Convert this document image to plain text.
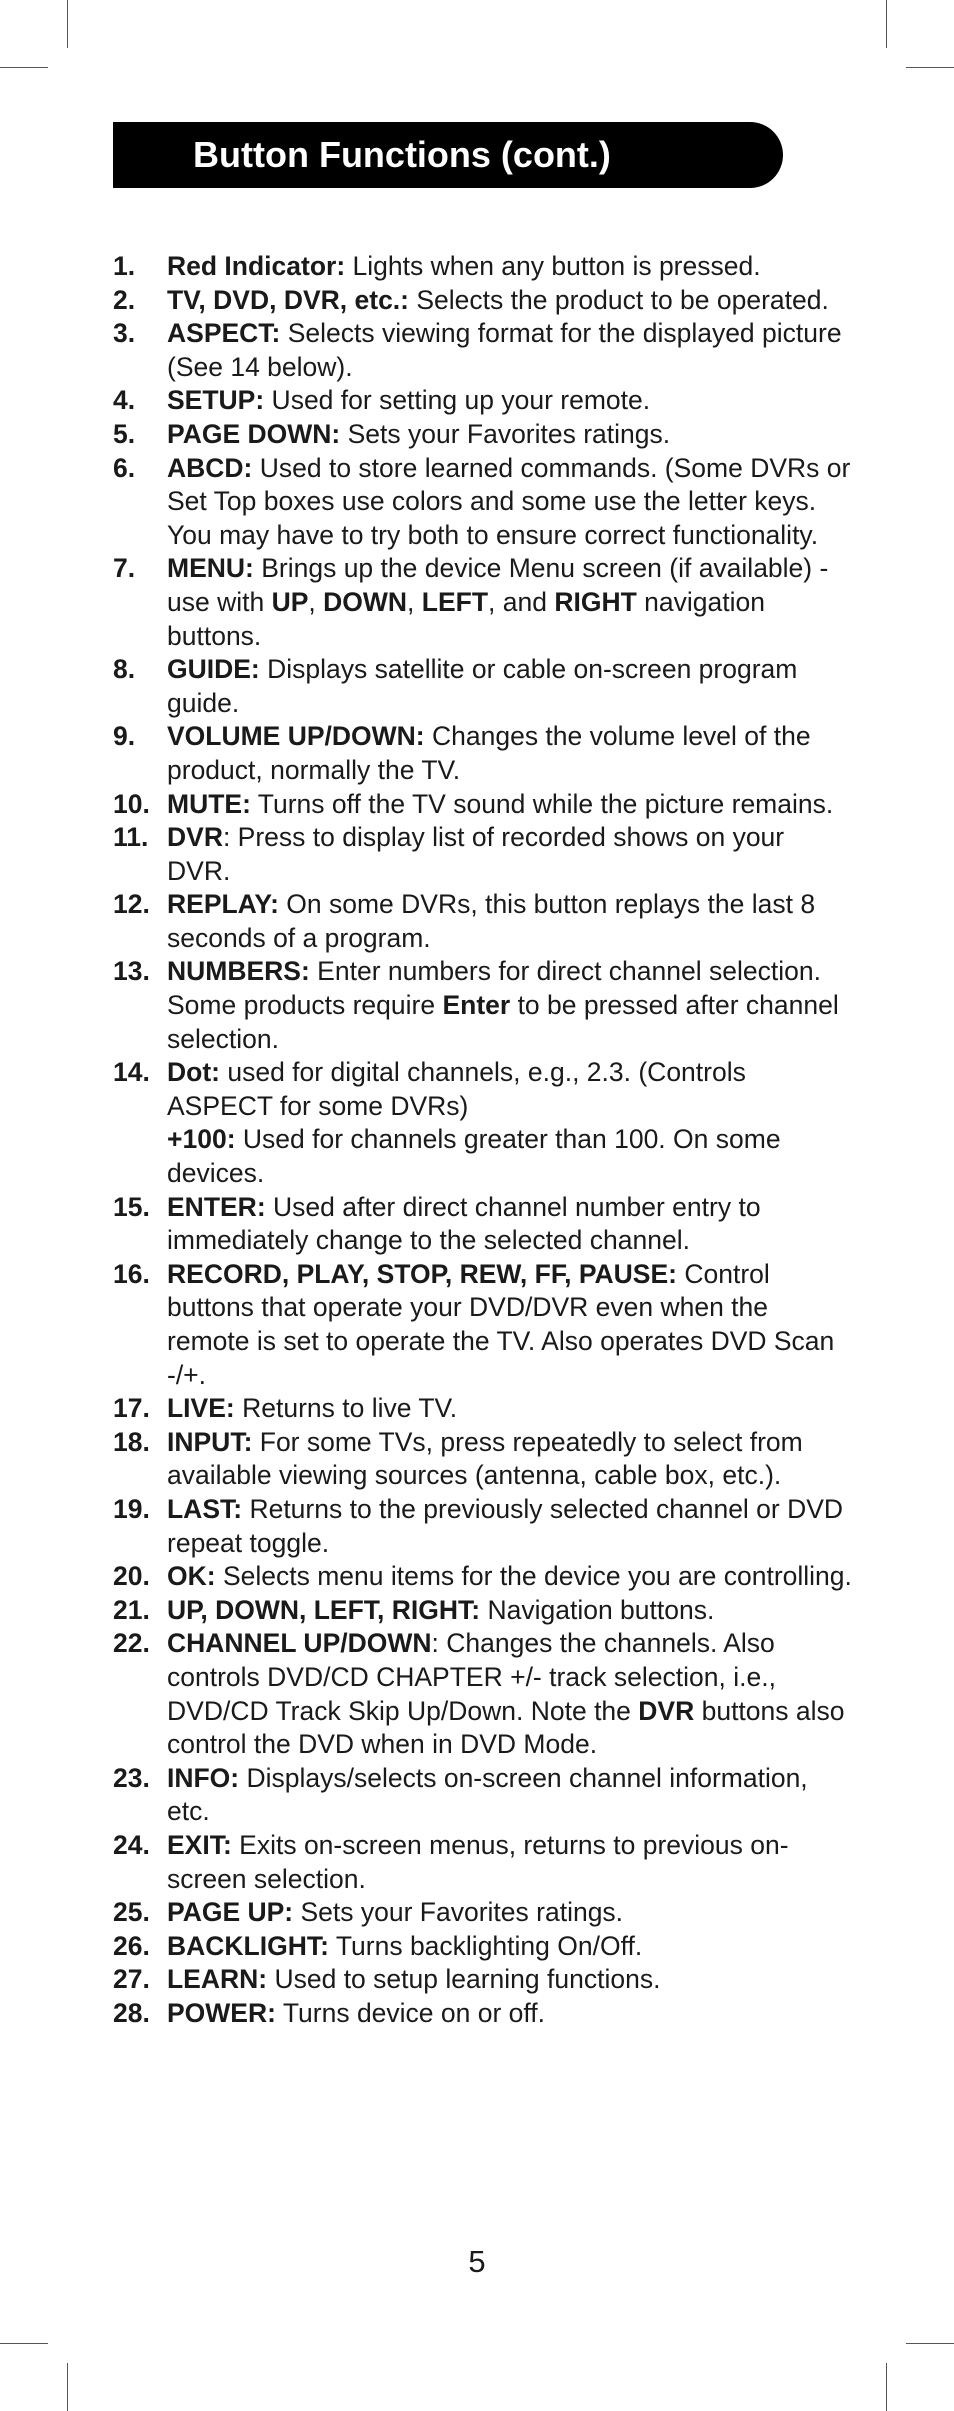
Button Functions (cont.)
1. Red Indicator: Lights when any button is pressed.
2. TV, DVD, DVR, etc.: Selects the product to be operated.
3. ASPECT: Selects viewing format for the displayed picture (See 14 below).
4. SETUP: Used for setting up your remote.
5. PAGE DOWN: Sets your Favorites ratings.
6. ABCD: Used to store learned commands. (Some DVRs or Set Top boxes use colors and some use the letter keys. You may have to try both to ensure correct functionality.
7. MENU: Brings up the device Menu screen (if available) - use with UP, DOWN, LEFT, and RIGHT navigation buttons.
8. GUIDE: Displays satellite or cable on-screen program guide.
9. VOLUME UP/DOWN: Changes the volume level of the product, normally the TV.
10. MUTE: Turns off the TV sound while the picture remains.
11. DVR: Press to display list of recorded shows on your DVR.
12. REPLAY: On some DVRs, this button replays the last 8 seconds of a program.
13. NUMBERS: Enter numbers for direct channel selection. Some products require Enter to be pressed after channel selection.
14. Dot: used for digital channels, e.g., 2.3. (Controls ASPECT for some DVRs)
+100: Used for channels greater than 100. On some devices.
15. ENTER: Used after direct channel number entry to immediately change to the selected channel.
16. RECORD, PLAY, STOP, REW, FF, PAUSE: Control buttons that operate your DVD/DVR even when the remote is set to operate the TV. Also operates DVD Scan -/+.
17. LIVE: Returns to live TV.
18. INPUT: For some TVs, press repeatedly to select from available viewing sources (antenna, cable box, etc.).
19. LAST: Returns to the previously selected channel or DVD repeat toggle.
20. OK: Selects menu items for the device you are controlling.
21. UP, DOWN, LEFT, RIGHT: Navigation buttons.
22. CHANNEL UP/DOWN: Changes the channels. Also controls DVD/CD CHAPTER +/- track selection, i.e., DVD/CD Track Skip Up/Down. Note the DVR buttons also control the DVD when in DVD Mode.
23. INFO: Displays/selects on-screen channel information, etc.
24. EXIT: Exits on-screen menus, returns to previous on-screen selection.
25. PAGE UP: Sets your Favorites ratings.
26. BACKLIGHT: Turns backlighting On/Off.
27. LEARN: Used to setup learning functions.
28. POWER: Turns device on or off.
5
